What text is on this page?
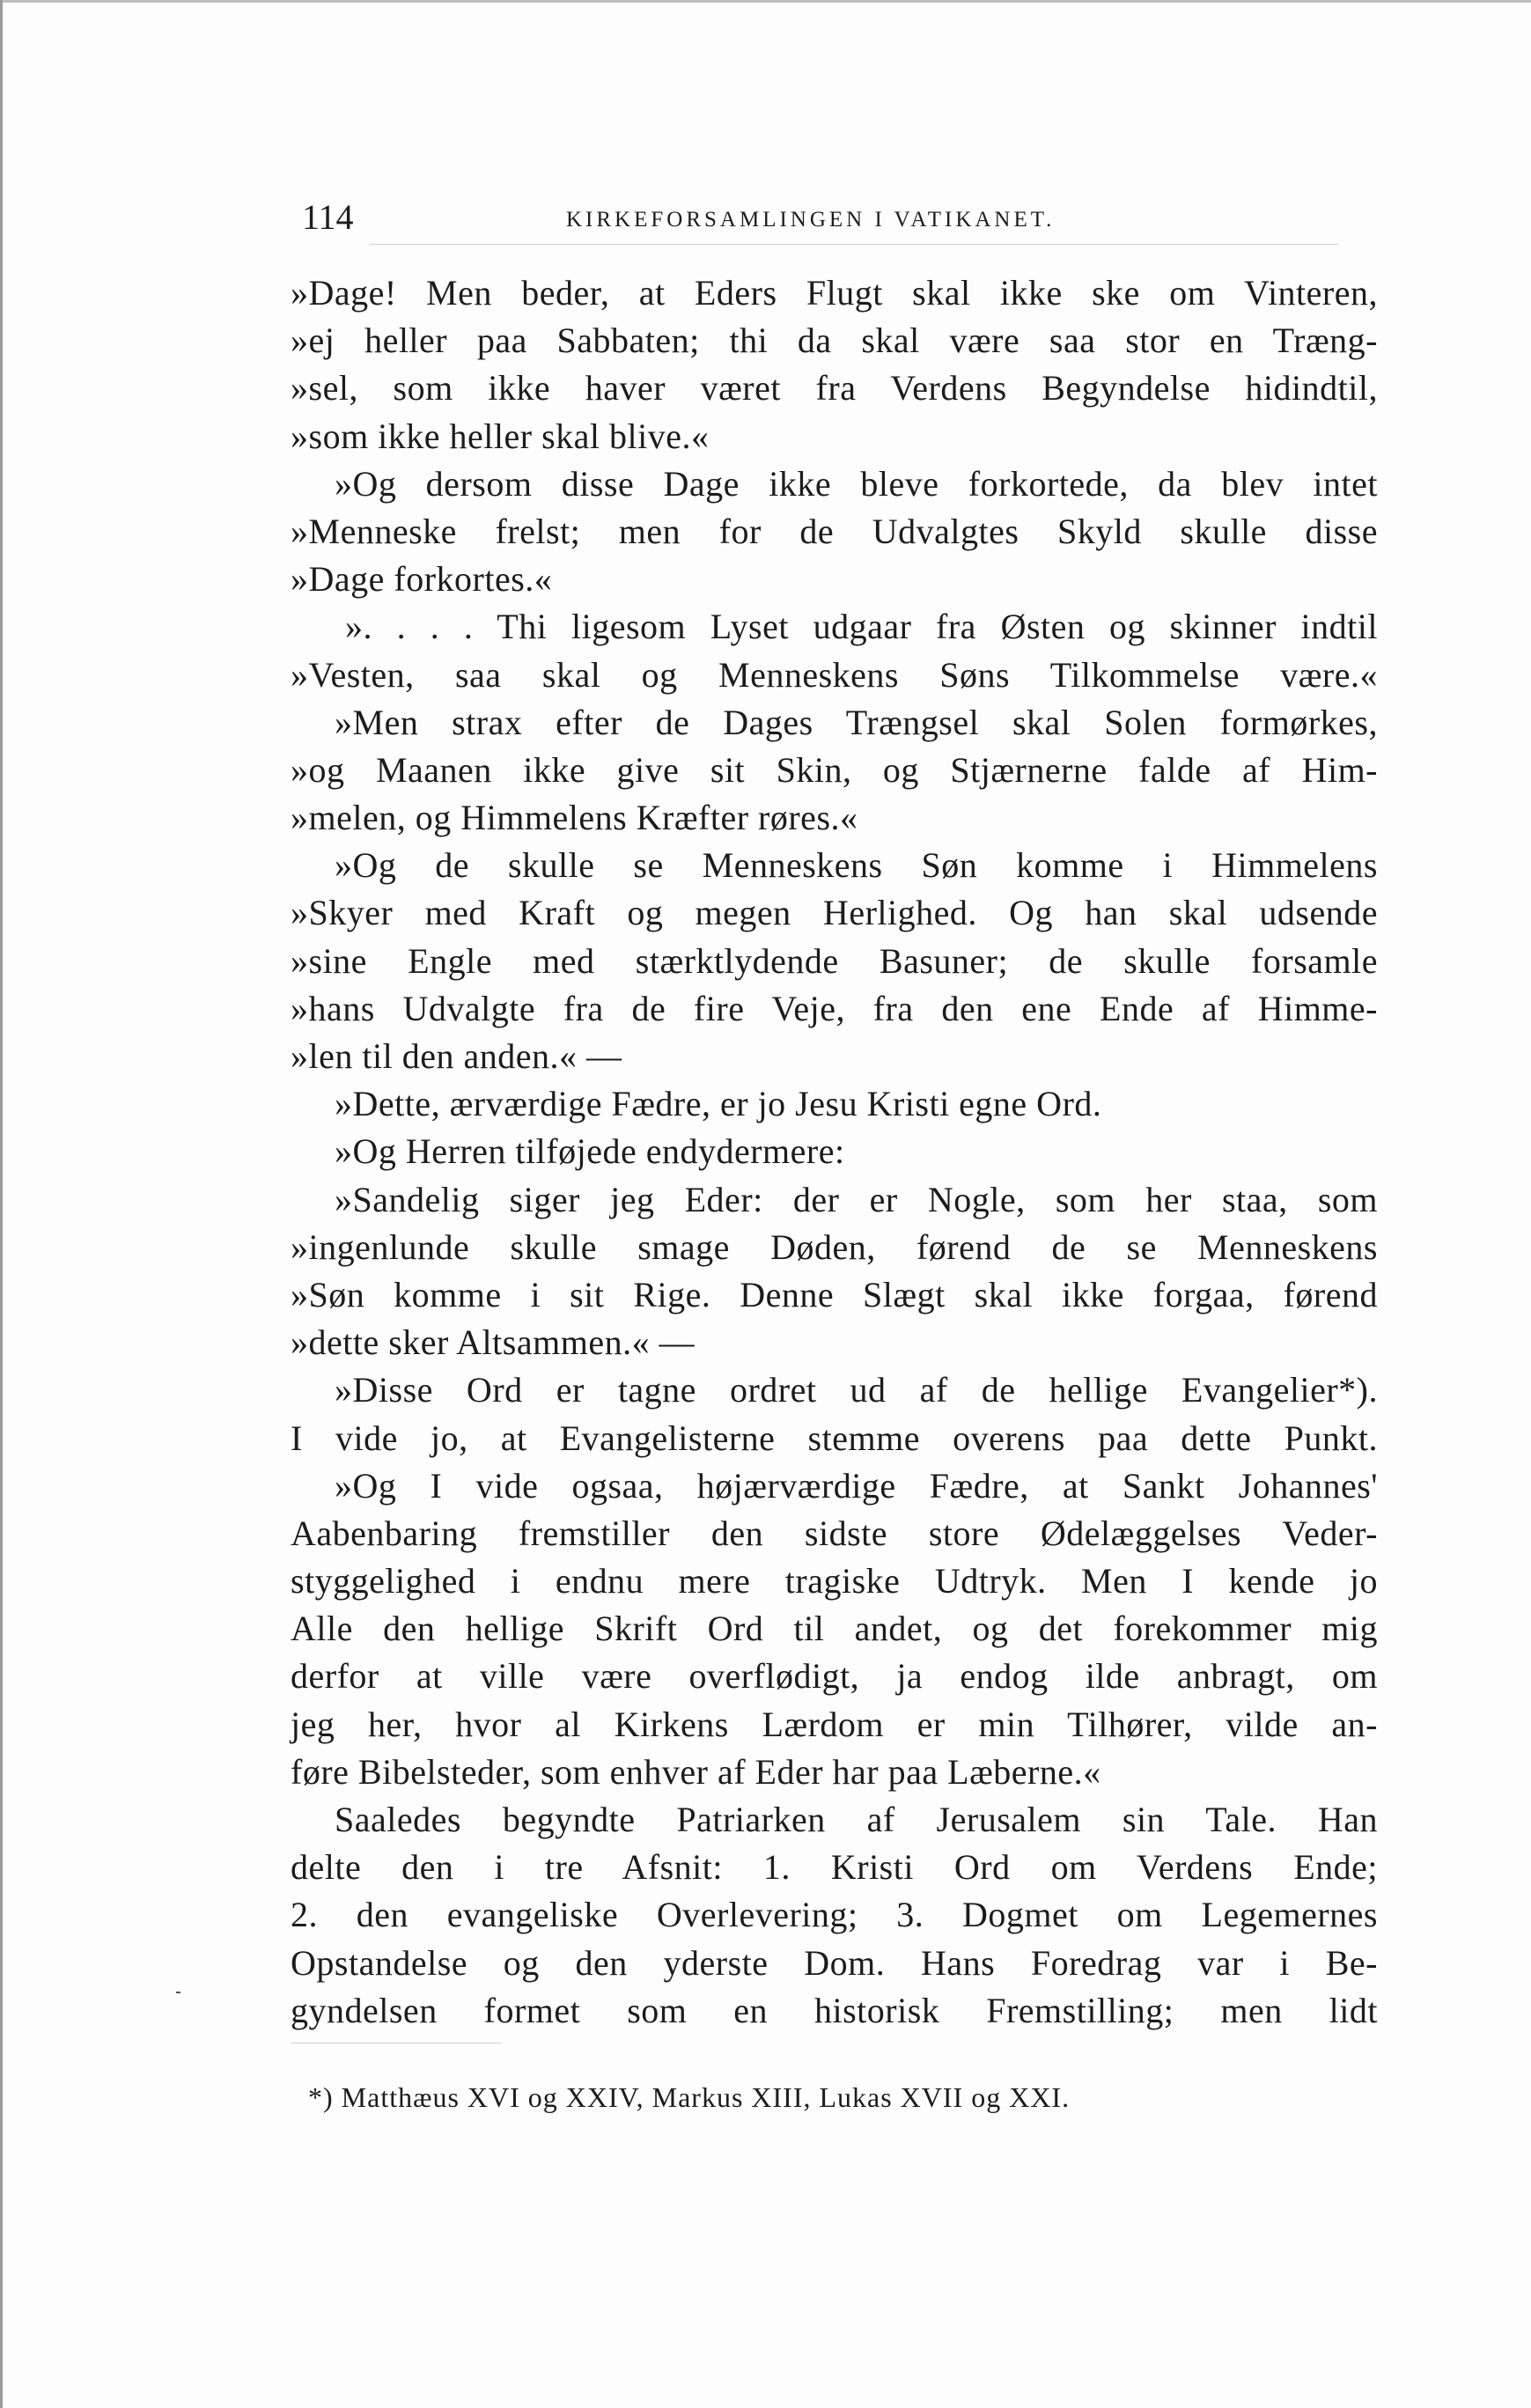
114	KIRKEFORSAMLINGEN I VATIKANET.
»Dage! Men beder, at Eders Flugt skal ikke ske om Vinteren,
»ej heller paa Sabbaten; thi da skal være saa stor en Træng-
»sel, som ikke haver været fra Verdens Begyndelse hidindtil,
»som ikke heller skal blive.«
»Og dersom disse Dage ikke bleve forkortede, da blev intet
»Menneske frelst; men for de Udvalgtes Skyld skulle disse
»Dage forkortes.«
». . . . Thi ligesom Lyset udgaar fra Østen og skinner indtil
»Vesten, saa skal og Menneskens Søns Tilkommelse være.«
»Men strax efter de Dages Trængsel skal Solen formørkes,
»og Maanen ikke give sit Skin, og Stjærnerne falde af Him-
»melen, og Himmelens Kræfter røres.«
»Og de skulle se Menneskens Søn komme i Himmelens
»Skyer med Kraft og megen Herlighed. Og han skal udsende
»sine Engle med stærktlydende Basuner; de skulle forsamle
»hans Udvalgte fra de fire Veje, fra den ene Ende af Himme-
»len til den anden.« —
»Dette, ærværdige Fædre, er jo Jesu Kristi egne Ord.
»Og Herren tilføjede endydermere:
»Sandelig siger jeg Eder: der er Nogle, som her staa, som
»ingenlunde skulle smage Døden, førend de se Menneskens
»Søn komme i sit Rige. Denne Slægt skal ikke forgaa, førend
»dette sker Altsammen.« —
»Disse Ord er tagne ordret ud af de hellige Evangelier*).
I vide jo, at Evangelisterne stemme overens paa dette Punkt.
»Og I vide ogsaa, højærværdige Fædre, at Sankt Johannes'
Aabenbaring fremstiller den sidste store Ødelæggelses Veder-
styggelighed i endnu mere tragiske Udtryk. Men I kende jo
Alle den hellige Skrift Ord til andet, og det forekommer mig
derfor at ville være overflødigt, ja endog ilde anbragt, om
jeg her, hvor al Kirkens Lærdom er min Tilhører, vilde an-
føre Bibelsteder, som enhver af Eder har paa Læberne.«
Saaledes begyndte Patriarken af Jerusalem sin Tale. Han
delte den i tre Afsnit: 1. Kristi Ord om Verdens Ende;
2. den evangeliske Overlevering; 3. Dogmet om Legemernes
Opstandelse og den yderste Dom. Hans Foredrag var i Be-
gyndelsen formet som en historisk Fremstilling; men lidt
*) Matthæus XVI og XXIV, Markus XIII, Lukas XVII og XXI.
